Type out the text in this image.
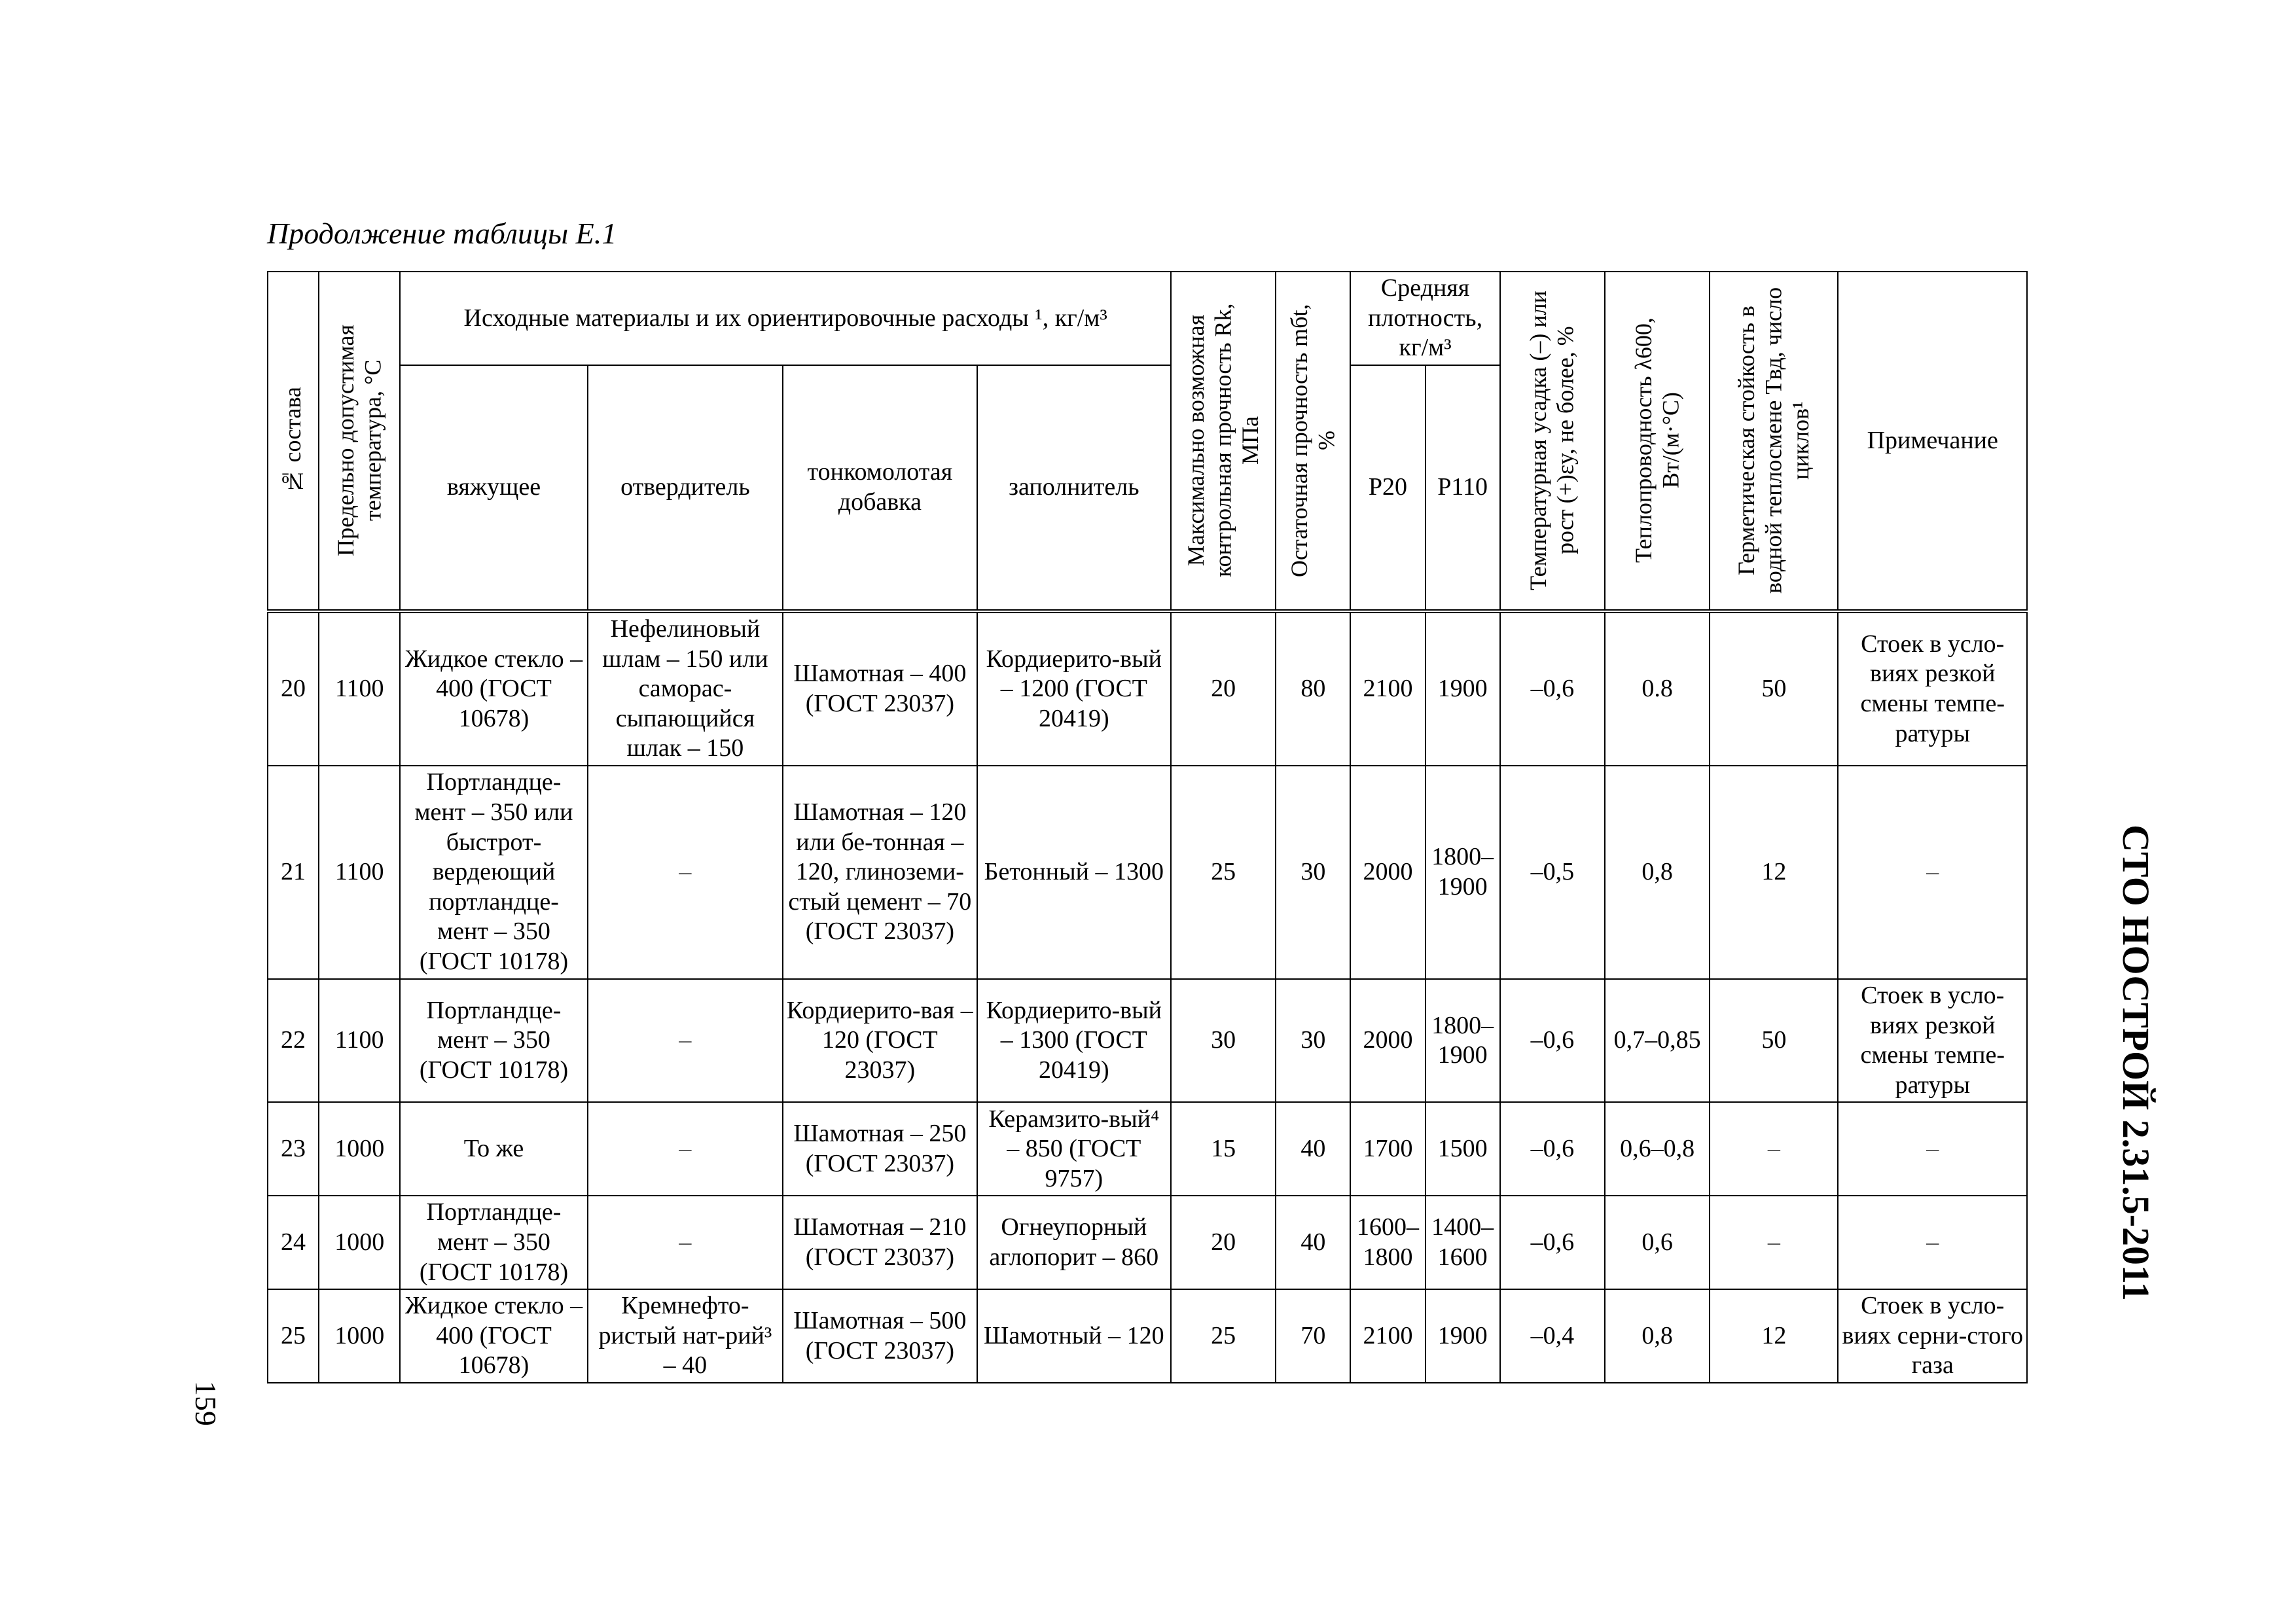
Продолжение таблицы Е.1
№ состава	Предельно допустимая температура, °С	Исходные материалы и их ориентировочные расходы ¹, кг/м³				Максимально возможная контрольная прочность Rk, МПа	Остаточная прочность mбt, %	Средняя плотность, кг/м³		Температурная усадка (–) или рост (+)εy, не более, %	Теплопроводность λ600, Вт/(м·°С)	Герметическая стойкость в водной теплосмене Tвд, число циклов¹	Примечание
		вяжущее	отвердитель	тонкомолотая добавка	заполнитель			Р20	Р110				
20	1100	Жидкое стекло – 400 (ГОСТ 10678)	Нефелиновый шлам – 150 или саморас-сыпающийся шлак – 150	Шамотная – 400 (ГОСТ 23037)	Кордиерито-вый – 1200 (ГОСТ 20419)	20	80	2100	1900	–0,6	0.8	50	Стоек в усло-виях резкой смены темпе-ратуры
21	1100	Портландце-мент – 350 или быстрот-вердеющий портландце-мент – 350 (ГОСТ 10178)	–	Шамотная – 120 или бе-тонная – 120, глиноземи-стый цемент – 70 (ГОСТ 23037)	Бетонный – 1300	25	30	2000	1800–1900	–0,5	0,8	12	–
22	1100	Портландце-мент – 350 (ГОСТ 10178)	–	Кордиерито-вая – 120 (ГОСТ 23037)	Кордиерито-вый – 1300 (ГОСТ 20419)	30	30	2000	1800–1900	–0,6	0,7–0,85	50	Стоек в усло-виях резкой смены темпе-ратуры
23	1000	То же	–	Шамотная – 250 (ГОСТ 23037)	Керамзито-вый⁴ – 850 (ГОСТ 9757)	15	40	1700	1500	–0,6	0,6–0,8	–	–
24	1000	Портландце-мент – 350 (ГОСТ 10178)	–	Шамотная – 210 (ГОСТ 23037)	Огнеупорный аглопорит – 860	20	40	1600–1800	1400–1600	–0,6	0,6	–	–
25	1000	Жидкое стекло – 400 (ГОСТ 10678)	Кремнефто-ристый нат-рий³ – 40	Шамотная – 500 (ГОСТ 23037)	Шамотный – 120	25	70	2100	1900	–0,4	0,8	12	Стоек в усло-виях серни-стого газа
СТО НОСТРОЙ 2.31.5-2011
159
